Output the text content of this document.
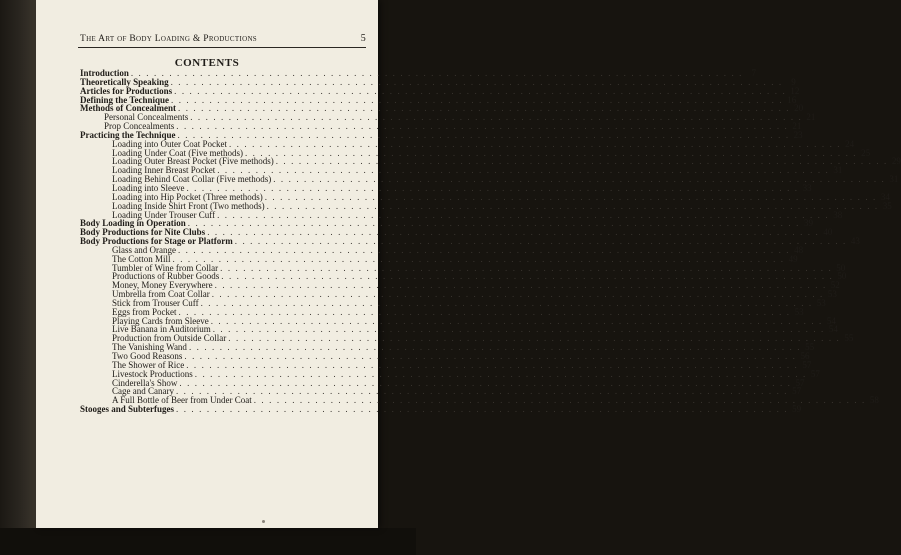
The Art of Body Loading & Productions	5
CONTENTS
Introduction . . . . . . . . . . . . . . . . . . . . . . . . . . . . . . . . . . . . . . . . . . . . . . . . . . . . . . . . . . . . . . . . . . . . . . . . . . . . . . . . 7
Theoretically Speaking . . . . . . . . . . . . . . . . . . . . . . . . . . . . . . . . . . . . . . . . . . . . . . . . . . . . . . . . . . . . . . . . . . . . . . . . . . . . . . . . 9
Articles for Productions . . . . . . . . . . . . . . . . . . . . . . . . . . . . . . . . . . . . . . . . . . . . . . . . . . . . . . . . . . . . . . . . . . . . . . . . . . . . . . . . 12
Defining the Technique . . . . . . . . . . . . . . . . . . . . . . . . . . . . . . . . . . . . . . . . . . . . . . . . . . . . . . . . . . . . . . . . . . . . . . . . . . . . . . . . 16
Methods of Concealment . . . . . . . . . . . . . . . . . . . . . . . . . . . . . . . . . . . . . . . . . . . . . . . . . . . . . . . . . . . . . . . . . . . . . . . . . . . . . . . . 20
Personal Concealments . . . . . . . . . . . . . . . . . . . . . . . . . . . . . . . . . . . . . . . . . . . . . . . . . . . . . . . . . . . . . . . . . . . . . . . . . . . . . . . . 21
Prop Concealments . . . . . . . . . . . . . . . . . . . . . . . . . . . . . . . . . . . . . . . . . . . . . . . . . . . . . . . . . . . . . . . . . . . . . . . . . . . . . . . . 21
Practicing the Technique . . . . . . . . . . . . . . . . . . . . . . . . . . . . . . . . . . . . . . . . . . . . . . . . . . . . . . . . . . . . . . . . . . . . . . . . . . . . . . . . 23
Loading into Outer Coat Pocket . . . . . . . . . . . . . . . . . . . . . . . . . . . . . . . . . . . . . . . . . . . . . . . . . . . . . . . . . . . . . . . . . . . . . . . . . . . . . . . . 24
Loading Under Coat (Five methods) . . . . . . . . . . . . . . . . . . . . . . . . . . . . . . . . . . . . . . . . . . . . . . . . . . . . . . . . . . . . . . . . . . . . . . . . . . . . . . . . 25
Loading Outer Breast Pocket (Five methods) . . . . . . . . . . . . . . . . . . . . . . . . . . . . . . . . . . . . . . . . . . . . . . . . . . . . . . . . . . . . . . . . . . . . . . . . . . . . . . . . 29
Loading Inner Breast Pocket . . . . . . . . . . . . . . . . . . . . . . . . . . . . . . . . . . . . . . . . . . . . . . . . . . . . . . . . . . . . . . . . . . . . . . . . . . . . . . . . 31
Loading Behind Coat Collar (Five methods) . . . . . . . . . . . . . . . . . . . . . . . . . . . . . . . . . . . . . . . . . . . . . . . . . . . . . . . . . . . . . . . . . . . . . . . . . . . . . . . . 31
Loading into Sleeve . . . . . . . . . . . . . . . . . . . . . . . . . . . . . . . . . . . . . . . . . . . . . . . . . . . . . . . . . . . . . . . . . . . . . . . . . . . . . . . . 33
Loading into Hip Pocket (Three methods) . . . . . . . . . . . . . . . . . . . . . . . . . . . . . . . . . . . . . . . . . . . . . . . . . . . . . . . . . . . . . . . . . . . . . . . . . . . . . . . . 34
Loading Inside Shirt Front (Two methods) . . . . . . . . . . . . . . . . . . . . . . . . . . . . . . . . . . . . . . . . . . . . . . . . . . . . . . . . . . . . . . . . . . . . . . . . . . . . . . . . 35
Loading Under Trouser Cuff . . . . . . . . . . . . . . . . . . . . . . . . . . . . . . . . . . . . . . . . . . . . . . . . . . . . . . . . . . . . . . . . . . . . . . . . . . . . . . . . 38
Body Loading in Operation . . . . . . . . . . . . . . . . . . . . . . . . . . . . . . . . . . . . . . . . . . . . . . . . . . . . . . . . . . . . . . . . . . . . . . . . . . . . . . . . 39
Body Productions for Nite Clubs . . . . . . . . . . . . . . . . . . . . . . . . . . . . . . . . . . . . . . . . . . . . . . . . . . . . . . . . . . . . . . . . . . . . . . . . . . . . . . . . 40
Body Productions for Stage or Platform . . . . . . . . . . . . . . . . . . . . . . . . . . . . . . . . . . . . . . . . . . . . . . . . . . . . . . . . . . . . . . . . . . . . . . . . . . . . . . . . 43
Glass and Orange . . . . . . . . . . . . . . . . . . . . . . . . . . . . . . . . . . . . . . . . . . . . . . . . . . . . . . . . . . . . . . . . . . . . . . . . . . . . . . . . 48
The Cotton Mill . . . . . . . . . . . . . . . . . . . . . . . . . . . . . . . . . . . . . . . . . . . . . . . . . . . . . . . . . . . . . . . . . . . . . . . . . . . . . . . . 49
Tumbler of Wine from Collar . . . . . . . . . . . . . . . . . . . . . . . . . . . . . . . . . . . . . . . . . . . . . . . . . . . . . . . . . . . . . . . . . . . . . . . . . . . . . . . . 50
Productions of Rubber Goods . . . . . . . . . . . . . . . . . . . . . . . . . . . . . . . . . . . . . . . . . . . . . . . . . . . . . . . . . . . . . . . . . . . . . . . . . . . . . . . . 50
Money, Money Everywhere . . . . . . . . . . . . . . . . . . . . . . . . . . . . . . . . . . . . . . . . . . . . . . . . . . . . . . . . . . . . . . . . . . . . . . . . . . . . . . . . 52
Umbrella from Coat Collar . . . . . . . . . . . . . . . . . . . . . . . . . . . . . . . . . . . . . . . . . . . . . . . . . . . . . . . . . . . . . . . . . . . . . . . . . . . . . . . . 53
Stick from Trouser Cuff . . . . . . . . . . . . . . . . . . . . . . . . . . . . . . . . . . . . . . . . . . . . . . . . . . . . . . . . . . . . . . . . . . . . . . . . . . . . . . . . 53
Eggs from Pocket . . . . . . . . . . . . . . . . . . . . . . . . . . . . . . . . . . . . . . . . . . . . . . . . . . . . . . . . . . . . . . . . . . . . . . . . . . . . . . . . 53
Playing Cards from Sleeve . . . . . . . . . . . . . . . . . . . . . . . . . . . . . . . . . . . . . . . . . . . . . . . . . . . . . . . . . . . . . . . . . . . . . . . . . . . . . . . . 54
Live Banana in Auditorium . . . . . . . . . . . . . . . . . . . . . . . . . . . . . . . . . . . . . . . . . . . . . . . . . . . . . . . . . . . . . . . . . . . . . . . . . . . . . . . . 54
Production from Outside Collar . . . . . . . . . . . . . . . . . . . . . . . . . . . . . . . . . . . . . . . . . . . . . . . . . . . . . . . . . . . . . . . . . . . . . . . . . . . . . . . . 55
The Vanishing Wand . . . . . . . . . . . . . . . . . . . . . . . . . . . . . . . . . . . . . . . . . . . . . . . . . . . . . . . . . . . . . . . . . . . . . . . . . . . . . . . . 55
Two Good Reasons . . . . . . . . . . . . . . . . . . . . . . . . . . . . . . . . . . . . . . . . . . . . . . . . . . . . . . . . . . . . . . . . . . . . . . . . . . . . . . . . 56
The Shower of Rice . . . . . . . . . . . . . . . . . . . . . . . . . . . . . . . . . . . . . . . . . . . . . . . . . . . . . . . . . . . . . . . . . . . . . . . . . . . . . . . . 57
Livestock Productions . . . . . . . . . . . . . . . . . . . . . . . . . . . . . . . . . . . . . . . . . . . . . . . . . . . . . . . . . . . . . . . . . . . . . . . . . . . . . . . . 57
Cinderella's Show . . . . . . . . . . . . . . . . . . . . . . . . . . . . . . . . . . . . . . . . . . . . . . . . . . . . . . . . . . . . . . . . . . . . . . . . . . . . . . . . 57
Cage and Canary . . . . . . . . . . . . . . . . . . . . . . . . . . . . . . . . . . . . . . . . . . . . . . . . . . . . . . . . . . . . . . . . . . . . . . . . . . . . . . . . 57
A Full Bottle of Beer from Under Coat . . . . . . . . . . . . . . . . . . . . . . . . . . . . . . . . . . . . . . . . . . . . . . . . . . . . . . . . . . . . . . . . . . . . . . . . . . . . . . . . 58
Stooges and Subterfuges . . . . . . . . . . . . . . . . . . . . . . . . . . . . . . . . . . . . . . . . . . . . . . . . . . . . . . . . . . . . . . . . . . . . . . . . . . . . . . . . 59
